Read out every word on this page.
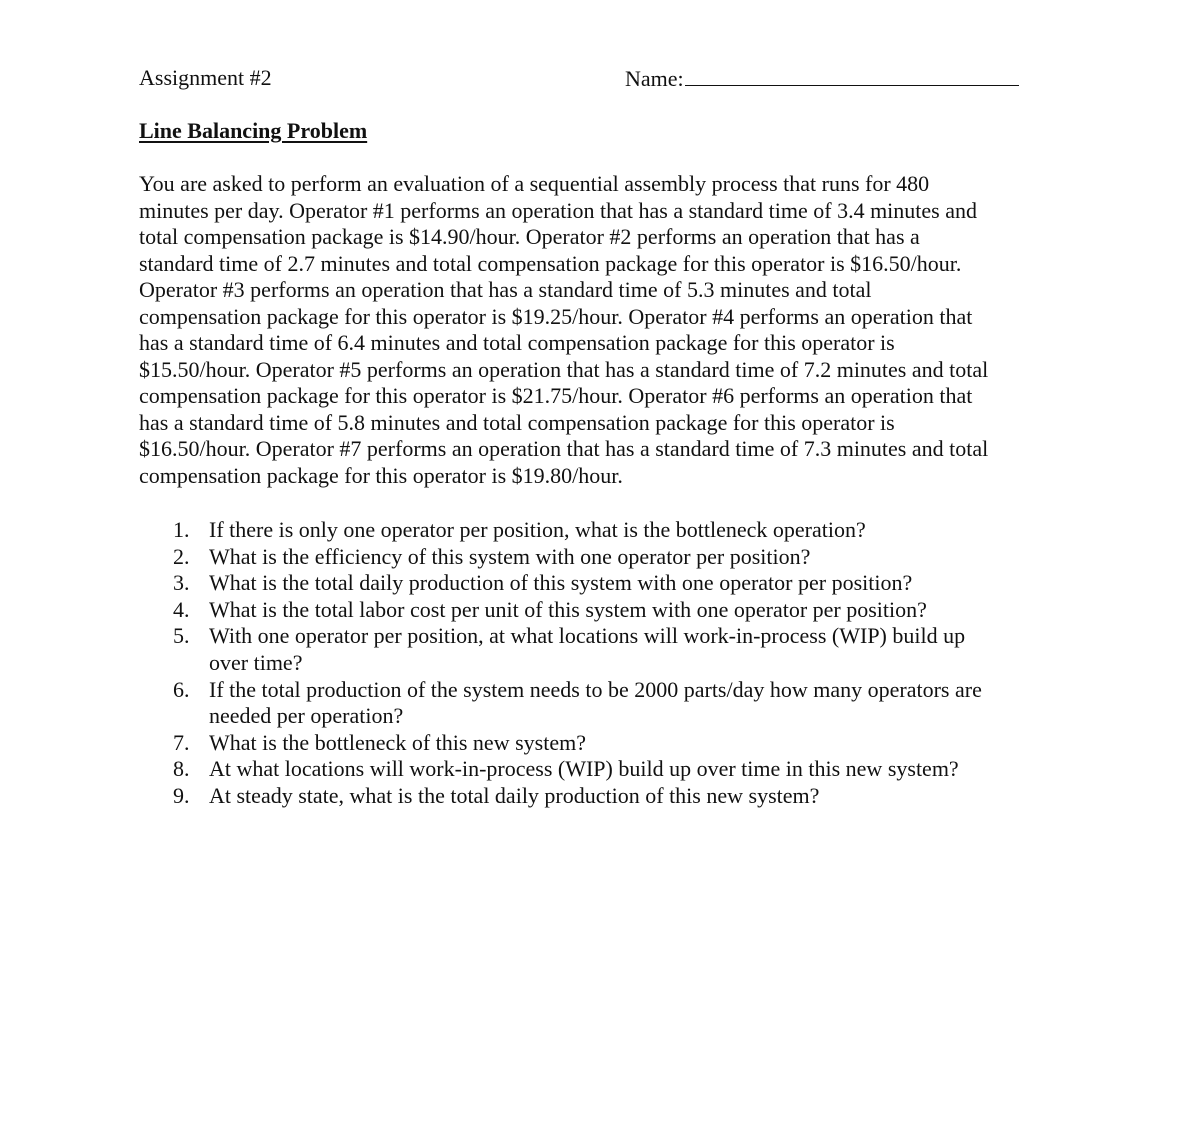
Assignment #2	Name:
Line Balancing Problem

You are asked to perform an evaluation of a sequential assembly process that runs for 480
minutes per day. Operator #1 performs an operation that has a standard time of 3.4 minutes and
total compensation package is $14.90/hour. Operator #2 performs an operation that has a
standard time of 2.7 minutes and total compensation package for this operator is $16.50/hour.
Operator #3 performs an operation that has a standard time of 5.3 minutes and total
compensation package for this operator is $19.25/hour. Operator #4 performs an operation that
has a standard time of 6.4 minutes and total compensation package for this operator is
$15.50/hour. Operator #5 performs an operation that has a standard time of 7.2 minutes and total
compensation package for this operator is $21.75/hour. Operator #6 performs an operation that
has a standard time of 5.8 minutes and total compensation package for this operator is
$16.50/hour. Operator #7 performs an operation that has a standard time of 7.3 minutes and total
compensation package for this operator is $19.80/hour.

1. If there is only one operator per position, what is the bottleneck operation?
2. What is the efficiency of this system with one operator per position?
3. What is the total daily production of this system with one operator per position?
4. What is the total labor cost per unit of this system with one operator per position?
5. With one operator per position, at what locations will work-in-process (WIP) build up
over time?
6. If the total production of the system needs to be 2000 parts/day how many operators are
needed per operation?
7. What is the bottleneck of this new system?
8. At what locations will work-in-process (WIP) build up over time in this new system?
9. At steady state, what is the total daily production of this new system?
